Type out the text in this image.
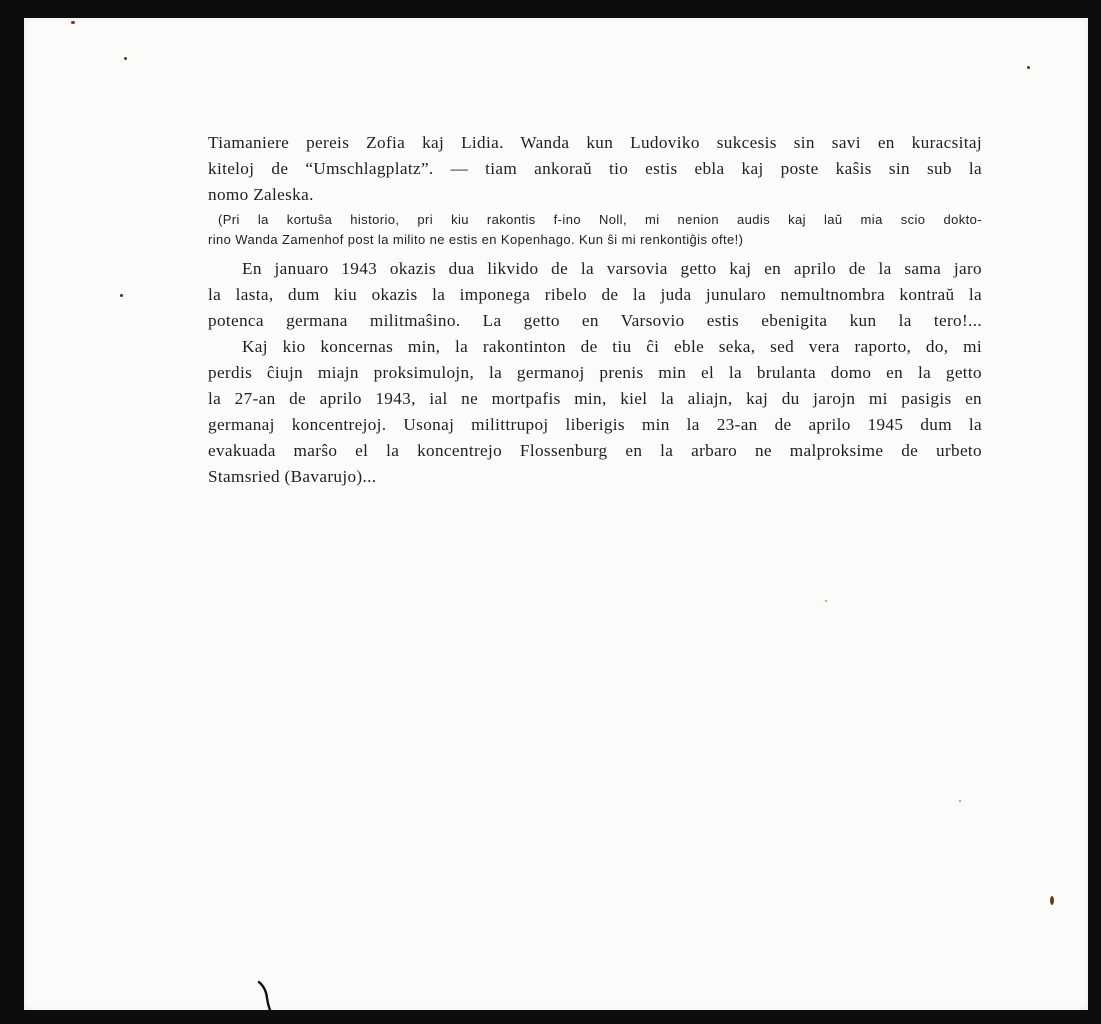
Tiamaniere pereis Zofia kaj Lidia. Wanda kun Ludoviko sukcesis sin savi en kuracsitaj
kiteloj de “Umschlagplatz”. — tiam ankoraŭ tio estis ebla kaj poste kaŝis sin sub la
nomo Zaleska.
(Pri la kortuŝa historio, pri kiu rakontis f-ino Noll, mi nenion audis kaj laŭ mia scio dokto-
rino Wanda Zamenhof post la milito ne estis en Kopenhago. Kun ŝi mi renkontiĝis ofte!)
En januaro 1943 okazis dua likvido de la varsovia getto kaj en aprilo de la sama jaro
la lasta, dum kiu okazis la imponega ribelo de la juda junularo nemultnombra kontraŭ la
potenca germana militmaŝino. La getto en Varsovio estis ebenigita kun la tero!...
Kaj kio koncernas min, la rakontinton de tiu ĉi eble seka, sed vera raporto, do, mi
perdis ĉiujn miajn proksimulojn, la germanoj prenis min el la brulanta domo en la getto
la 27-an de aprilo 1943, ial ne mortpafis min, kiel la aliajn, kaj du jarojn mi pasigis en
germanaj koncentrejoj. Usonaj milittrupoj liberigis min la 23-an de aprilo 1945 dum la
evakuada marŝo el la koncentrejo Flossenburg en la arbaro ne malproksime de urbeto
Stamsried (Bavarujo)...
